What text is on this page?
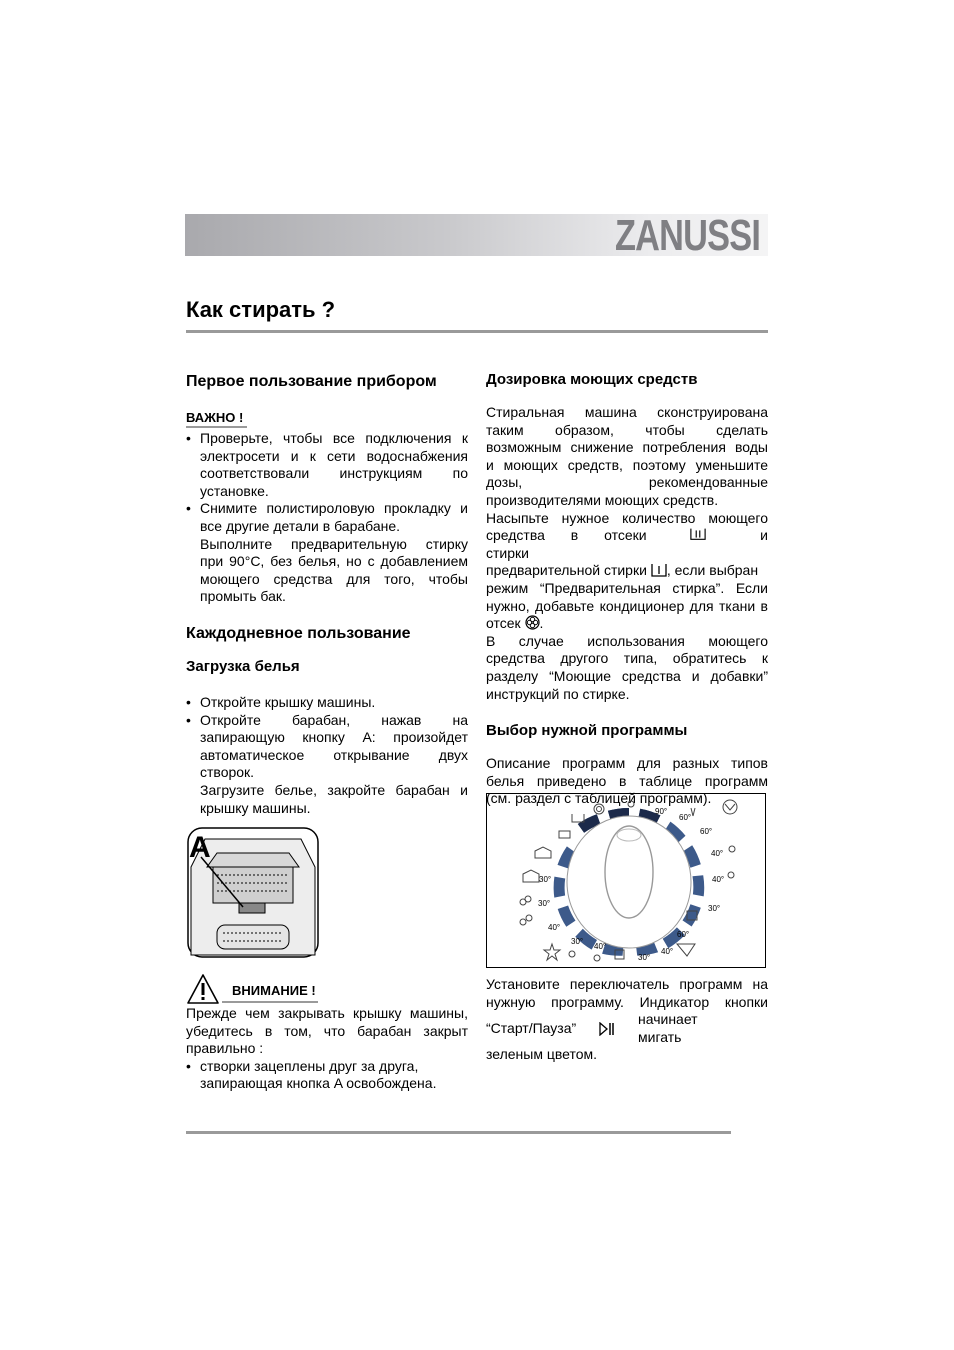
ZANUSSI
Как стирать ?
Первое пользование прибором
ВАЖНО !
• Проверьте, чтобы все подключения к
электросети и к сети водоснабжения
соответствовали инструкциям по
установке.
• Снимите полистироловую прокладку и
все другие детали в барабане.
Выполните предварительную стирку
при 90°C, без белья, но с добавлением
моющего средства для того, чтобы
промыть бак.
Каждодневное пользование
Загрузка белья
• Откройте крышку машины.
• Откройте барабан, нажав на
запирающую кнопку A: произойдет
автоматическое открывание двух
створок.
Загрузите белье, закройте барабан и
крышку машины.
A
ВНИМАНИЕ !
Прежде чем закрывать крышку машины,
убедитесь в том, что барабан закрыт
правильно :
• створки зацеплены друг за друга,
запирающая кнопка A освобождена.
Дозировка моющих средств
Стиральная машина сконструирована
таким образом, чтобы сделать
возможным снижение потребления воды
и моющих средств, поэтому уменьшите
дозы, рекомендованные
производителями моющих средств.
Насыпьте нужное количество моющего
средства в отсеки стирки
и
предварительной стирки , если выбран
режим “Предварительная стирка”. Если
нужно, добавьте кондиционер для ткани в
отсек .
В случае использования моющего
средства другого типа, обратитесь к
разделу “Моющие средства и добавки”
инструкций по стирке.
Выбор нужной программы
Описание программ для разных типов
белья приведено в таблице программ
(см. раздел с таблицей программ).
90°
60°
60°
40°
40°
30°
60°
40°
30°
40°
30°
30°
40°
30°
Установите переключатель программ на
нужную программу. Индикатор кнопки
“Старт/Пауза”
начинает мигать
зеленым цветом.
